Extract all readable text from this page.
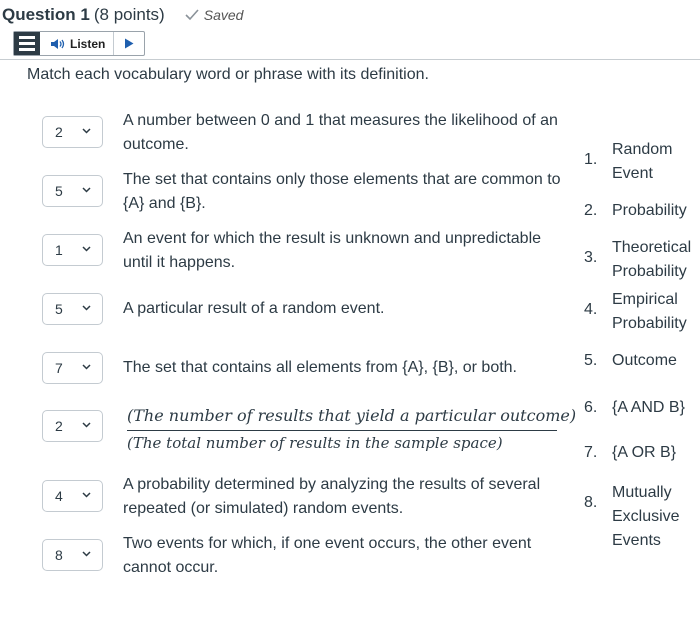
Question 1 (8 points)	Saved
Listen
Match each vocabulary word or phrase with its definition.
2
5
1
5
7
2
4
8
A number between 0 and 1 that measures the likelihood of an outcome.
The set that contains only those elements that are common to {A} and {B}.
An event for which the result is unknown and unpredictable until it happens.
A particular result of a random event.
The set that contains all elements from {A}, {B}, or both.
(The number of results that yield a particular outcome)
(The total number of results in the sample space)
A probability determined by analyzing the results of several repeated (or simulated) random events.
Two events for which, if one event occurs, the other event cannot occur.
1.
Random Event
2. Probability
3.
Theoretical Probability
4.
Empirical Probability
5. Outcome
6. {A AND B}
7. {A OR B}
8.
Mutually Exclusive Events
